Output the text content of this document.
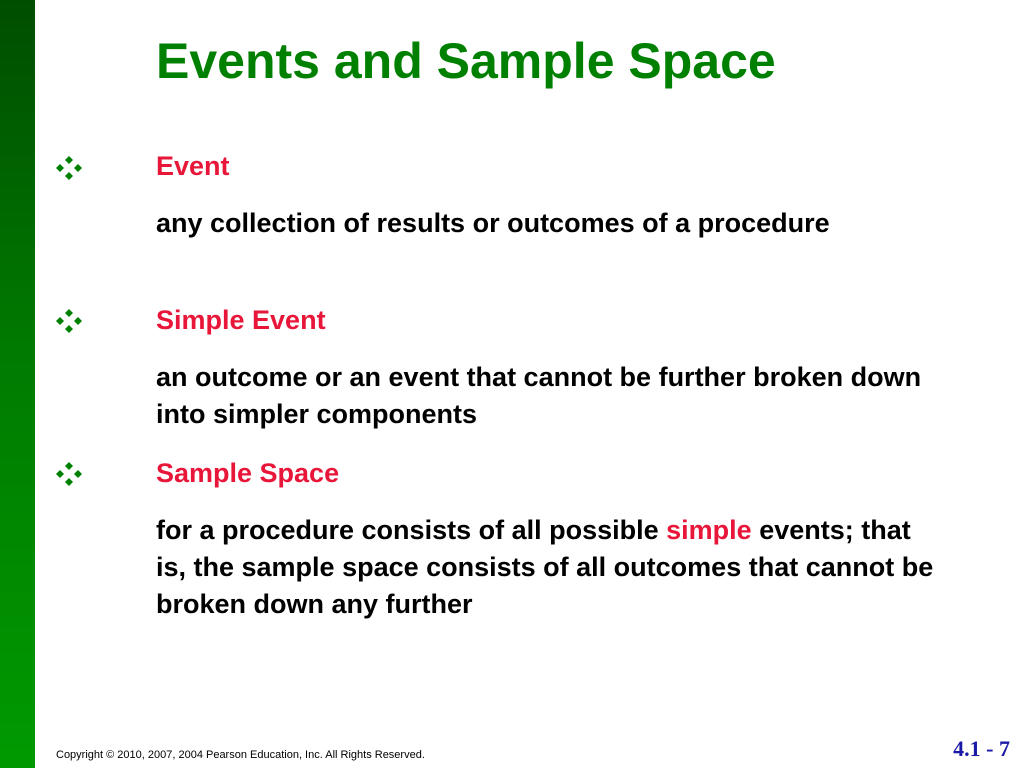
Events and Sample Space

Event

any collection of results or outcomes of a procedure

Simple Event

an outcome or an event that cannot be further broken down into simpler components

Sample Space

for a procedure consists of all possible simple events; that is, the sample space consists of all outcomes that cannot be broken down any further

Copyright © 2010, 2007, 2004 Pearson Education, Inc. All Rights Reserved.	4.1 - 7
